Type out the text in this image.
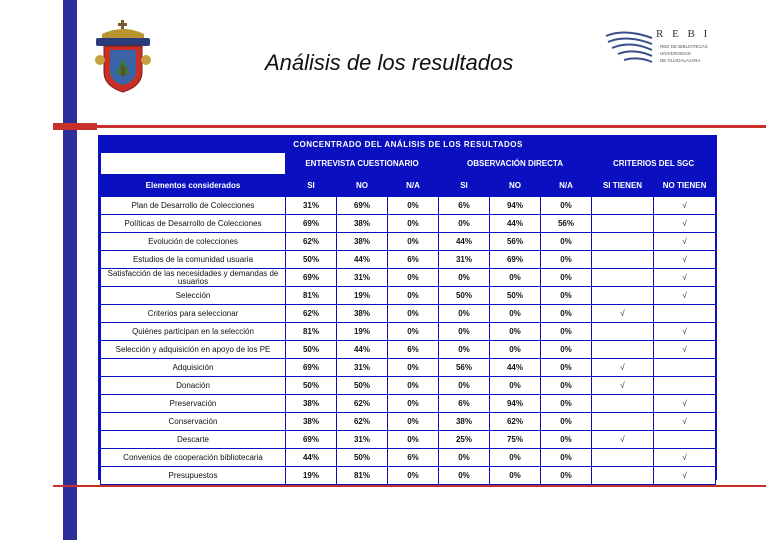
Análisis de los resultados
R E B I
RED DE BIBLIOTECAS
UNIVERSIDAD
DE GUADALAJARA
CONCENTRADO DEL ANÁLISIS DE LOS RESULTADOS								
	ENTREVISTA CUESTIONARIO			OBSERVACIÓN DIRECTA			CRITERIOS DEL SGC	
Elementos considerados	SI	NO	N/A	SI	NO	N/A	SI TIENEN	NO TIENEN
Plan de Desarrollo de Colecciones	31%	69%	0%	6%	94%	0%		√
Políticas de Desarrollo de Colecciones	69%	38%	0%	0%	44%	56%		√
Evolución de colecciones	62%	38%	0%	44%	56%	0%		√
Estudios de la comunidad usuaria	50%	44%	6%	31%	69%	0%		√
Satisfacción de las necesidades y demandas de usuarios	69%	31%	0%	0%	0%	0%		√
Selección	81%	19%	0%	50%	50%	0%		√
Criterios para seleccionar	62%	38%	0%	0%	0%	0%	√	
Quiénes participan en la selección	81%	19%	0%	0%	0%	0%		√
Selección y adquisición en apoyo de los PE	50%	44%	6%	0%	0%	0%		√
Adquisición	69%	31%	0%	56%	44%	0%	√	
Donación	50%	50%	0%	0%	0%	0%	√	
Preservación	38%	62%	0%	6%	94%	0%		√
Conservación	38%	62%	0%	38%	62%	0%		√
Descarte	69%	31%	0%	25%	75%	0%	√	
Convenios de cooperación bibliotecaria	44%	50%	6%	0%	0%	0%		√
Presupuestos	19%	81%	0%	0%	0%	0%		√
